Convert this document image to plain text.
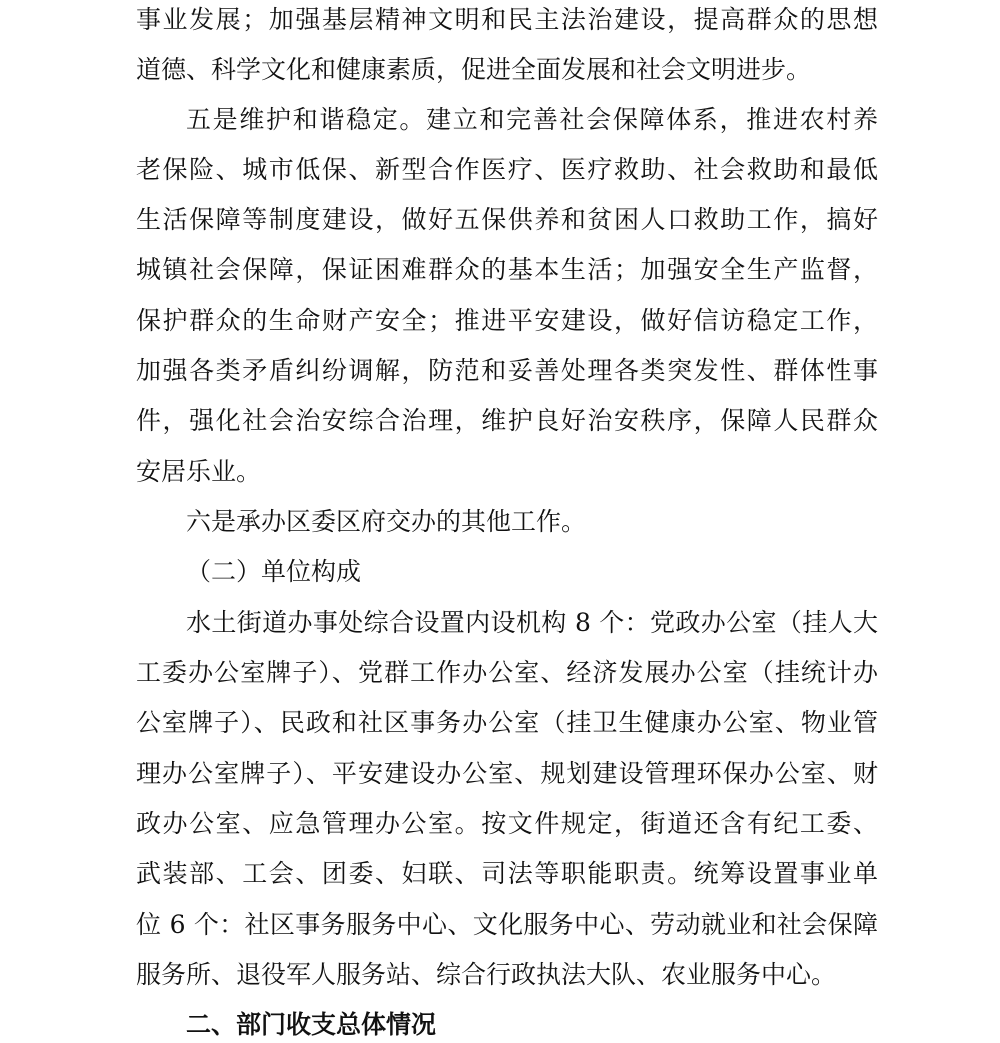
事业发展；加强基层精神文明和民主法治建设，提高群众的思想
道德、科学文化和健康素质，促进全面发展和社会文明进步。
五是维护和谐稳定。建立和完善社会保障体系，推进农村养
老保险、城市低保、新型合作医疗、医疗救助、社会救助和最低
生活保障等制度建设，做好五保供养和贫困人口救助工作，搞好
城镇社会保障，保证困难群众的基本生活；加强安全生产监督，
保护群众的生命财产安全；推进平安建设，做好信访稳定工作，
加强各类矛盾纠纷调解，防范和妥善处理各类突发性、群体性事
件，强化社会治安综合治理，维护良好治安秩序，保障人民群众
安居乐业。
六是承办区委区府交办的其他工作。
（二）单位构成
水土街道办事处综合设置内设机构 8 个：党政办公室（挂人大
工委办公室牌子）、党群工作办公室、经济发展办公室（挂统计办
公室牌子）、民政和社区事务办公室（挂卫生健康办公室、物业管
理办公室牌子）、平安建设办公室、规划建设管理环保办公室、财
政办公室、应急管理办公室。按文件规定，街道还含有纪工委、
武装部、工会、团委、妇联、司法等职能职责。统筹设置事业单
位 6 个：社区事务服务中心、文化服务中心、劳动就业和社会保障
服务所、退役军人服务站、综合行政执法大队、农业服务中心。
二、部门收支总体情况
